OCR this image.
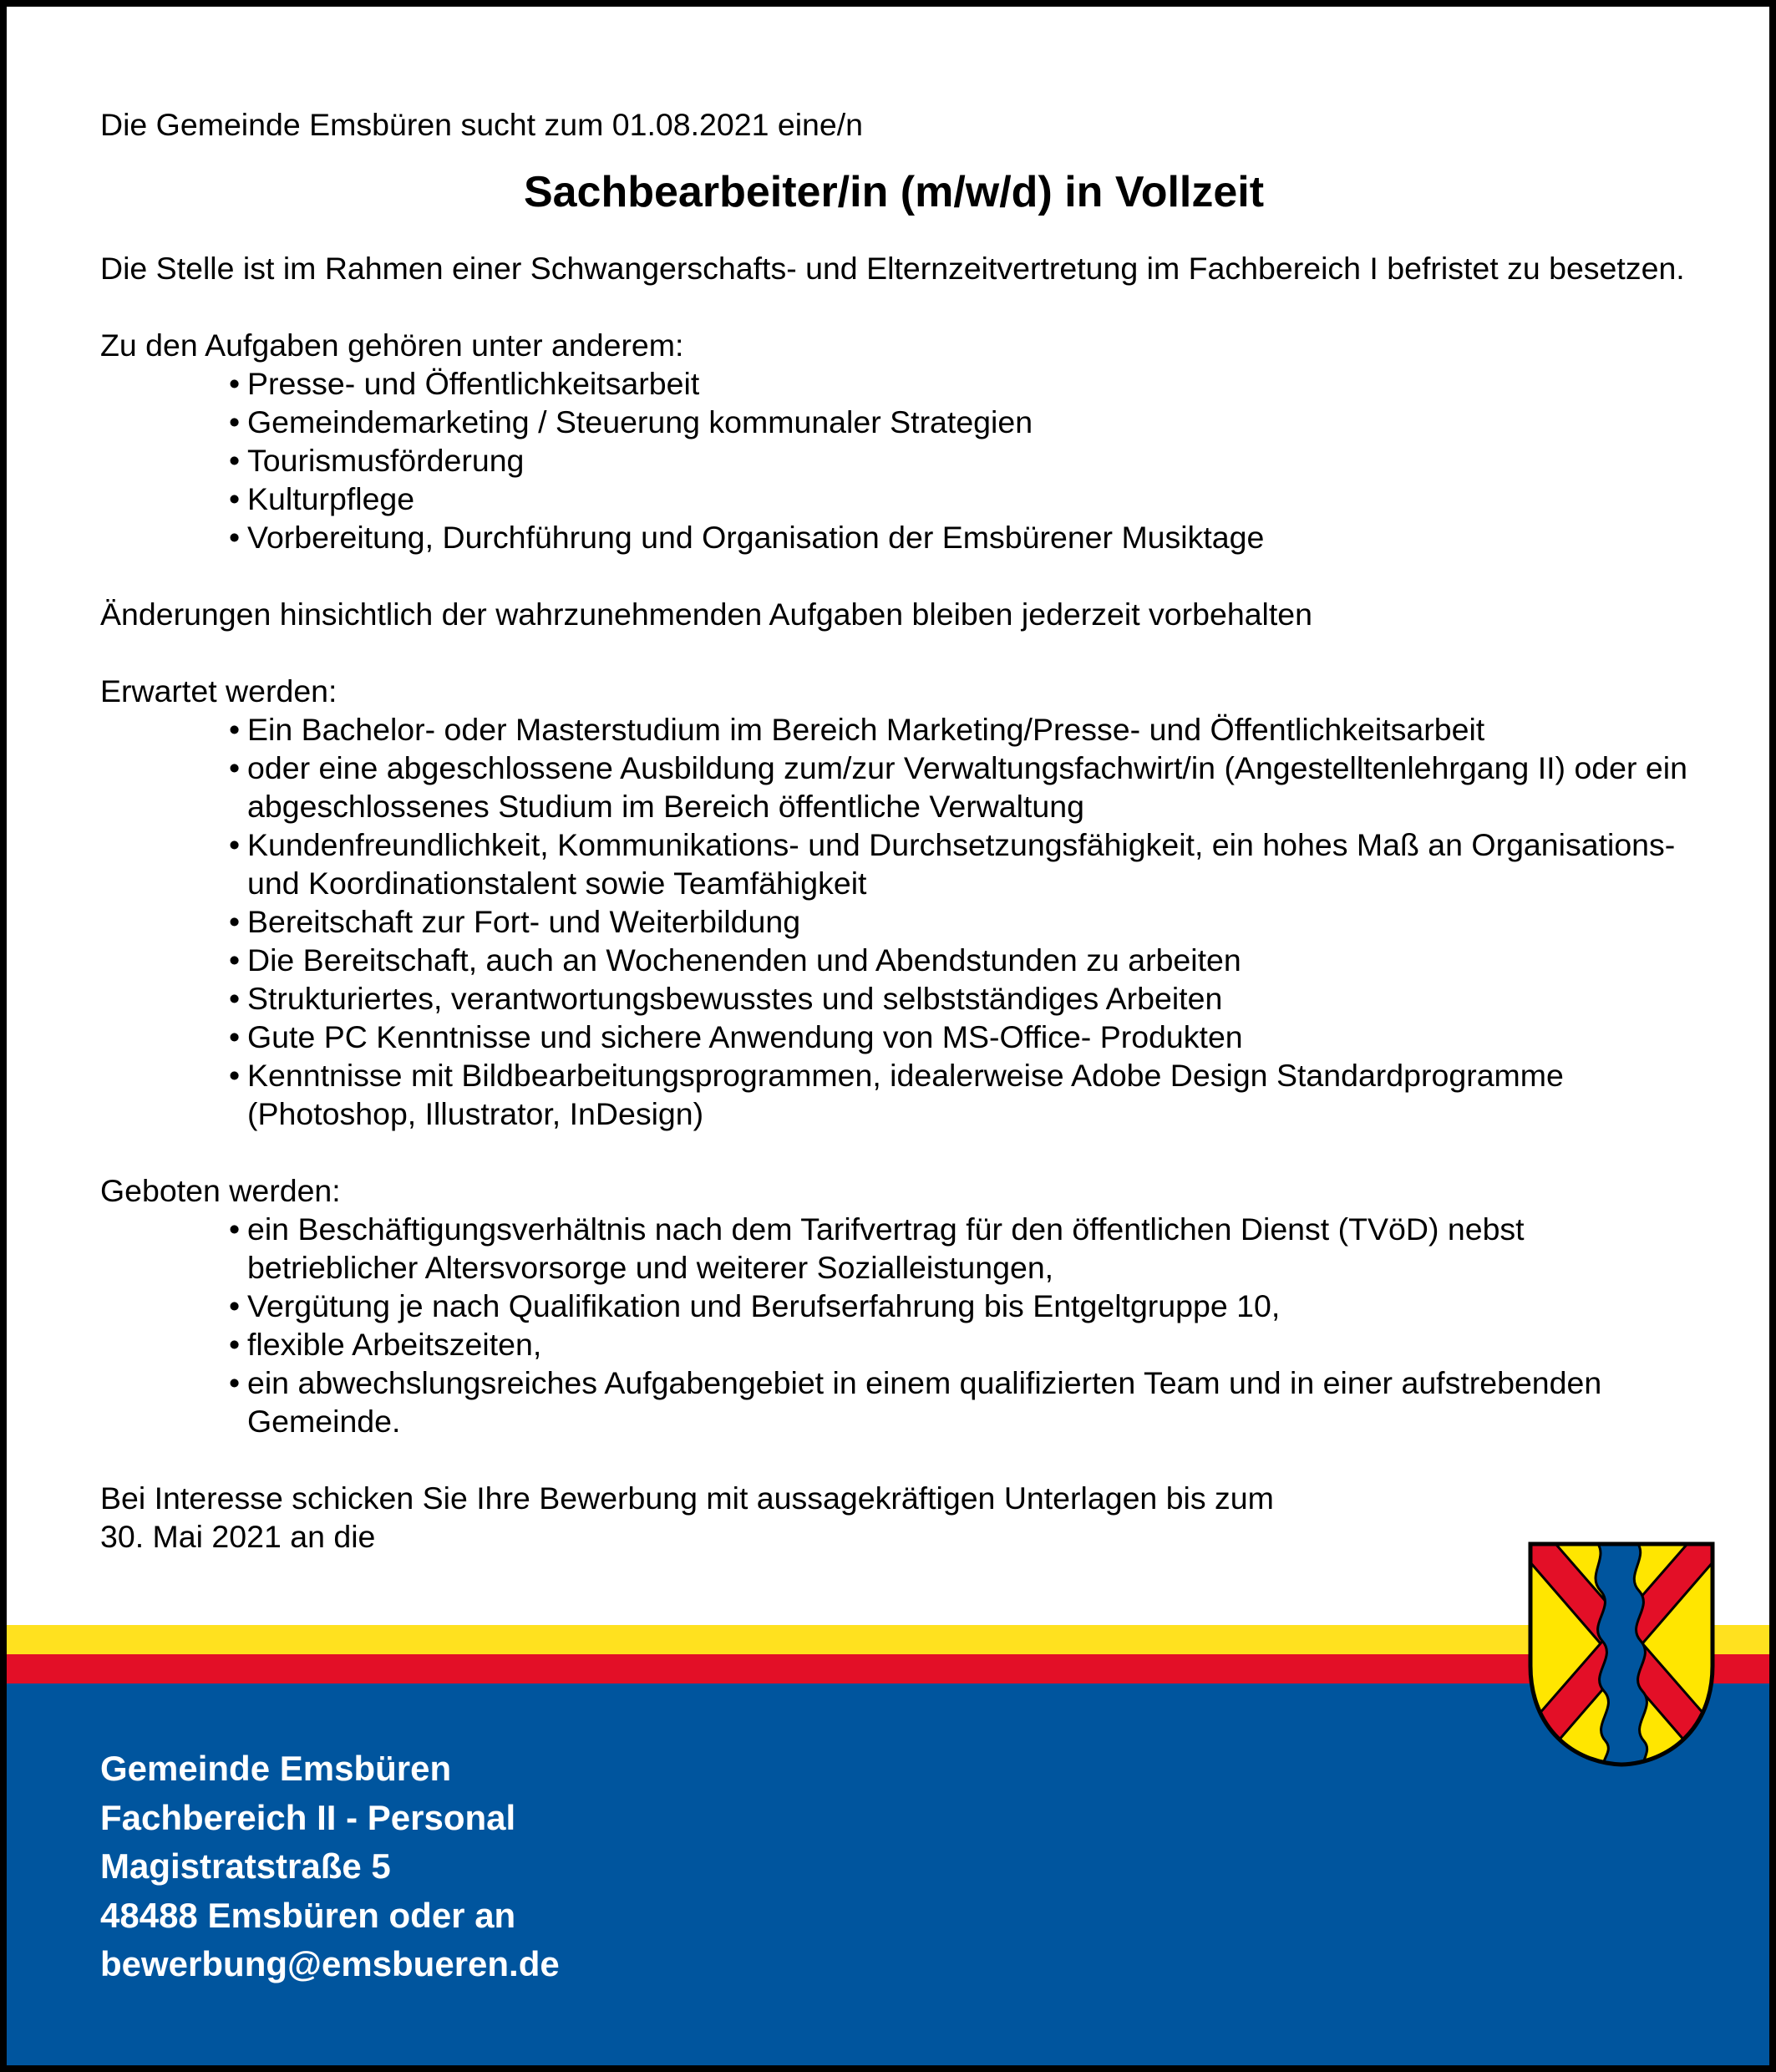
Die Gemeinde Emsbüren sucht zum 01.08.2021 eine/n

Sachbearbeiter/in (m/w/d) in Vollzeit

Die Stelle ist im Rahmen einer Schwangerschafts- und Elternzeitvertretung im Fachbereich I befristet zu besetzen.

Zu den Aufgaben gehören unter anderem:

• Presse- und Öffentlichkeitsarbeit
• Gemeindemarketing / Steuerung kommunaler Strategien
• Tourismusförderung
• Kulturpflege
• Vorbereitung, Durchführung und Organisation der Emsbürener Musiktage

Änderungen hinsichtlich der wahrzunehmenden Aufgaben bleiben jederzeit vorbehalten

Erwartet werden:

• Ein Bachelor- oder Masterstudium im Bereich Marketing/Presse- und Öffentlichkeitsarbeit
• oder eine abgeschlossene Ausbildung zum/zur Verwaltungsfachwirt/in (Angestelltenlehrgang II) oder ein abgeschlossenes Studium im Bereich öffentliche Verwaltung
• Kundenfreundlichkeit, Kommunikations- und Durchsetzungsfähigkeit, ein hohes Maß an Organisations- und Koordinationstalent sowie Teamfähigkeit
• Bereitschaft zur Fort- und Weiterbildung
• Die Bereitschaft, auch an Wochenenden und Abendstunden zu arbeiten
• Strukturiertes, verantwortungsbewusstes und selbstständiges Arbeiten
• Gute PC Kenntnisse und sichere Anwendung von MS-Office- Produkten
• Kenntnisse mit Bildbearbeitungsprogrammen, idealerweise Adobe Design Standardprogramme (Photoshop, Illustrator, InDesign)

Geboten werden:

• ein Beschäftigungsverhältnis nach dem Tarifvertrag für den öffentlichen Dienst (TVöD) nebst betrieblicher Altersvorsorge und weiterer Sozialleistungen,
• Vergütung je nach Qualifikation und Berufserfahrung bis Entgeltgruppe 10,
• flexible Arbeitszeiten,
• ein abwechslungsreiches Aufgabengebiet in einem qualifizierten Team und in einer aufstrebenden Gemeinde.

Bei Interesse schicken Sie Ihre Bewerbung mit aussagekräftigen Unterlagen bis zum

30. Mai 2021 an die

Gemeinde Emsbüren
Fachbereich II - Personal
Magistratstraße 5
48488 Emsbüren oder an
bewerbung@emsbueren.de
